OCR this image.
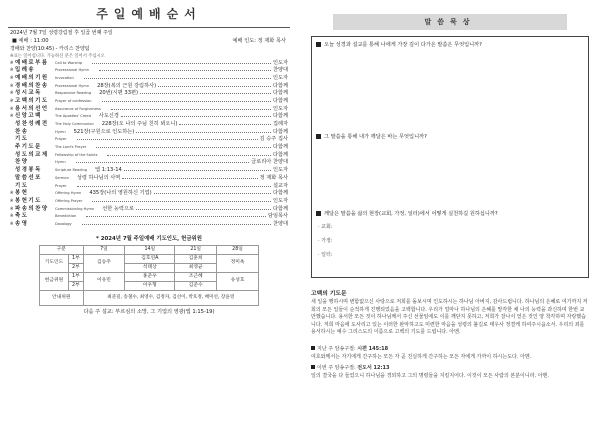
주일예배순서
2024년 7월 7일 성령강림절 후 일곱 번째 주일
■ 예배 : 11:00	예배 인도: 정 재화 목사
경배와 찬양(10:45) - 카리스 찬양팀
※표는 일어섭니다. 가능하신 분은 일어서 주십시오
※ 예배로부름	Call to Worship	인도자
※ 입례송	Processional Hymn	찬양대
※ 예배의기원	Invocation	인도자
※ 경배의찬송	Processional Hymn 28장(복의 근원 강림하사)	다함께
※ 성시교독	Responsive Reading 20번(시편 33편)	다함께
※ 고백의기도	Prayer of confession	다함께
※ 용서의선언	Assurance of Forgiveness	인도자
※ 신앙고백	The Apostles' Creed 사도신경	다함께
성찬성례전	The Holy Communion 228장(오 나의 주님 친히 뵈오니)	집례자
찬송	Hymn 521장(구원으로 인도하는)	다함께
기도	Prayer	김 승주 집사
주기도문	The Lord's Prayer	다함께
성도의교제	Fellowship of the Saints	다함께
찬양	Hymn	글로리아 찬양대
성경봉독	Scripture Reading 엡 1:13-14	인도자
말씀선포	Sermon 성령 하나님의 사역	정 재화 목사
기도	Prayer	설교자
※ 봉헌	Offering Hymn 435장(나의 영원하신 기업)	다함께
※ 봉헌기도	Offering Prayer	인도자
※ 파송의찬양	Commissioning Hymn 선한 능력으로	다함께
※ 축도	Benediction	담임목사
※ 송영	Doxology	찬양대
* 2024년 7월 주일예배 기도인도, 헌금위원
구분		7일	14일	21일	28일
기도인도	1부	김승주	김호연A	김훈희	정미옥
	2부		석태상	최영균	
헌금위원	1부	이유민	홍준우	조근혜	유성호
	2부		이우형	김준수	
안내위원		최준길, 송철수, 최영수, 김정자, 김선이, 박호정, 배미선, 장윤영			
다음 주 설교: 부르심의 소망, 그 기업의 영광(엡 1:15-19)
말씀묵상
오늘 성경과 설교를 통해 나에게 가장 깊이 다가온 말씀은 무엇입니까?
그 말씀을 통해 내가 깨달은 바는 무엇입니까?
깨달은 말씀을 삶의 현장(교회, 가정, 일터)에서 어떻게 실천하길 원하십니까?
· 교회:
· 가정:
· 일터:
고백의 기도문

새 일을 행하시며 변함없으신 사랑으로 저희를 돌보시며 인도하시는 하나님 아버지, 감사드립니다. 하나님의 은혜로 여기까지 저희의 모든 일들이 순적하게 진행되었음을 고백합니다. 우리가 얼마나 하나님의 은혜를 망각한 채 나의 능력을 과신하며 한번 교만했습니다. 용서한 모든 것이 하나님께서 주신 선물임에도 이를 깨닫지 못하고, 저희가 잘나서 얻은 것인 양 착각하며 자랑했습니다. 저희 마음에 도사리고 있는 이러한 완악하고도 미련한 마음을 성령의 불길로 태우사 정결케 하여주시옵소서. 우리의 죄를 용서하시는 예수 그리스도의 이름으로 고백의 기도를 드립니다. 아멘.

지난 주 암송구절: 시편 145:18
여호와께서는 자기에게 간구하는 모든 자 곧 진실하게 간구하는 모든 자에게 가까이 하시는도다. 아멘.
이번 주 암송구절: 전도서 12:13
일의 결국을 다 들었으니 하나님을 경외하고 그의 명령들을 지킬지어다. 이것이 모든 사람의 본분이니라. 아멘.
